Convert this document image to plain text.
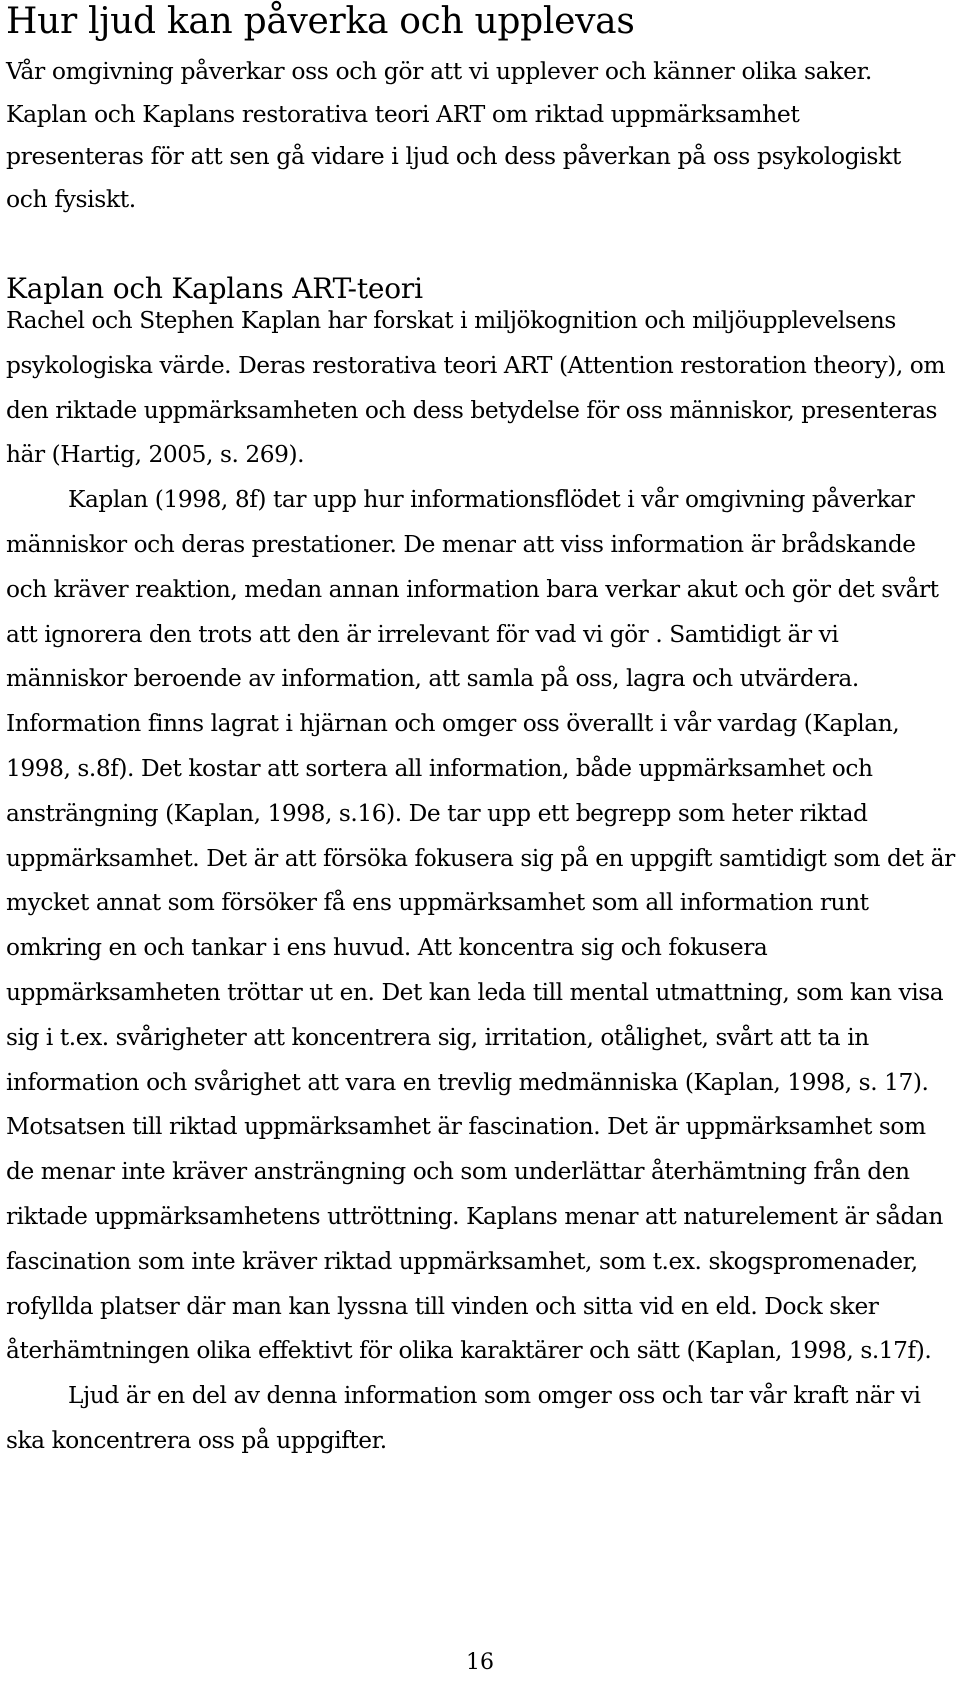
Hur ljud kan påverka och upplevas

Vår omgivning påverkar oss och gör att vi upplever och känner olika saker. Kaplan och Kaplans restorativa teori ART om riktad uppmärksamhet presenteras för att sen gå vidare i ljud och dess påverkan på oss psykologiskt och fysiskt.

Kaplan och Kaplans ART-teori

Rachel och Stephen Kaplan har forskat i miljökognition och miljöupplevelsens psykologiska värde. Deras restorativa teori ART (Attention restoration theory), om den riktade uppmärksamheten och dess betydelse för oss människor, presenteras här (Hartig, 2005, s. 269).

Kaplan (1998, 8f) tar upp hur informationsflödet i vår omgivning påverkar människor och deras prestationer. De menar att viss information är brådskande och kräver reaktion, medan annan information bara verkar akut och gör det svårt att ignorera den trots att den är irrelevant för vad vi gör . Samtidigt är vi människor beroende av information, att samla på oss, lagra och utvärdera. Information finns lagrat i hjärnan och omger oss överallt i vår vardag (Kaplan, 1998, s.8f). Det kostar att sortera all information, både uppmärksamhet och ansträngning (Kaplan, 1998, s.16). De tar upp ett begrepp som heter riktad uppmärksamhet. Det är att försöka fokusera sig på en uppgift samtidigt som det är mycket annat som försöker få ens uppmärksamhet som all information runt omkring en och tankar i ens huvud. Att koncentra sig och fokusera uppmärksamheten tröttar ut en. Det kan leda till mental utmattning, som kan visa sig i t.ex. svårigheter att koncentrera sig, irritation, otålighet, svårt att ta in information och svårighet att vara en trevlig medmänniska (Kaplan, 1998, s. 17). Motsatsen till riktad uppmärksamhet är fascination. Det är uppmärksamhet som de menar inte kräver ansträngning och som underlättar återhämtning från den riktade uppmärksamhetens uttröttning. Kaplans menar att naturelement är sådan fascination som inte kräver riktad uppmärksamhet, som t.ex. skogspromenader, rofyllda platser där man kan lyssna till vinden och sitta vid en eld. Dock sker återhämtningen olika effektivt för olika karaktärer och sätt (Kaplan, 1998, s.17f).

Ljud är en del av denna information som omger oss och tar vår kraft när vi ska koncentrera oss på uppgifter.

16
